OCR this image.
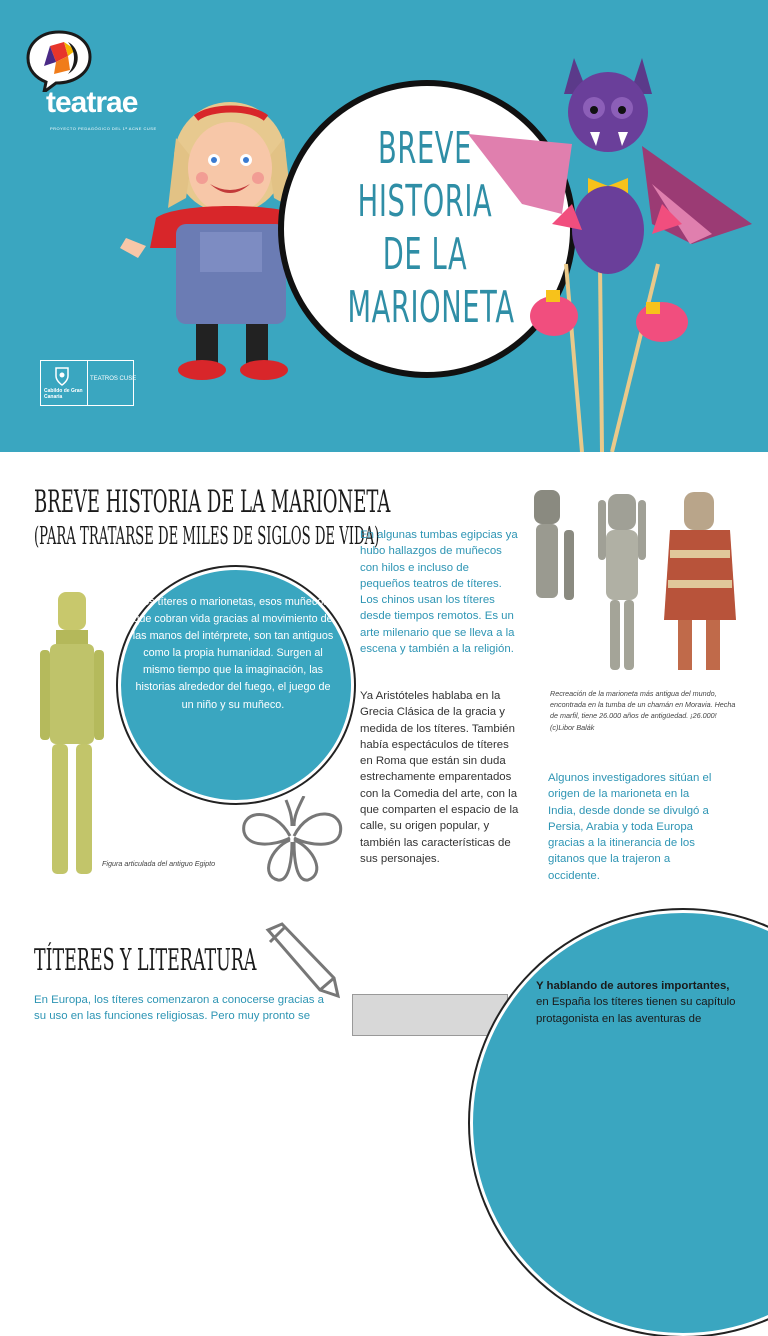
teatrae
PROYECTO PEDAGÓGICO DEL 1ª ACNE CUSE	BREVE
HISTORIA
DE LA
MARIONETA
Cabildo de Gran Canaria
TEATROS CUSE
BREVE HISTORIA DE LA MARIONETA
(PARA TRATARSE DE MILES DE SIGLOS DE VIDA)
Los títeres o marionetas, esos muñecos que cobran vida gracias al movimiento de las manos del intérprete, son tan antiguos como la propia humanidad. Surgen al mismo tiempo que la imaginación, las historias alrededor del fuego, el juego de un niño y su muñeco.
Figura articulada del antiguo Egipto
En algunas tumbas egipcias ya hubo hallazgos de muñecos con hilos e incluso de pequeños teatros de títeres. Los chinos usan los títeres desde tiempos remotos. Es un arte milenario que se lleva a la escena y también a la religión.
Ya Aristóteles hablaba en la Grecia Clásica de la gracia y medida de los títeres. También había espectáculos de títeres en Roma que están sin duda estrechamente emparentados con la Comedia del arte, con la que comparten el espacio de la calle, su origen popular, y también las características de sus personajes.
Recreación de la marioneta más antigua del mundo, encontrada en la tumba de un chamán en Moravia. Hecha de marfil, tiene 26.000 años de antigüedad. ¡26.000! (c)Libor Balák
Algunos investigadores sitúan el origen de la marioneta en la India, desde donde se divulgó a Persia, Arabia y toda Europa gracias a la itinerancia de los gitanos que la trajeron a occidente.
TÍTERES Y LITERATURA
En Europa, los títeres comenzaron a conocerse gracias a su uso en las funciones religiosas. Pero muy pronto se
Y hablando de autores importantes,
en España los títeres tienen su capítulo protagonista en las aventuras de
